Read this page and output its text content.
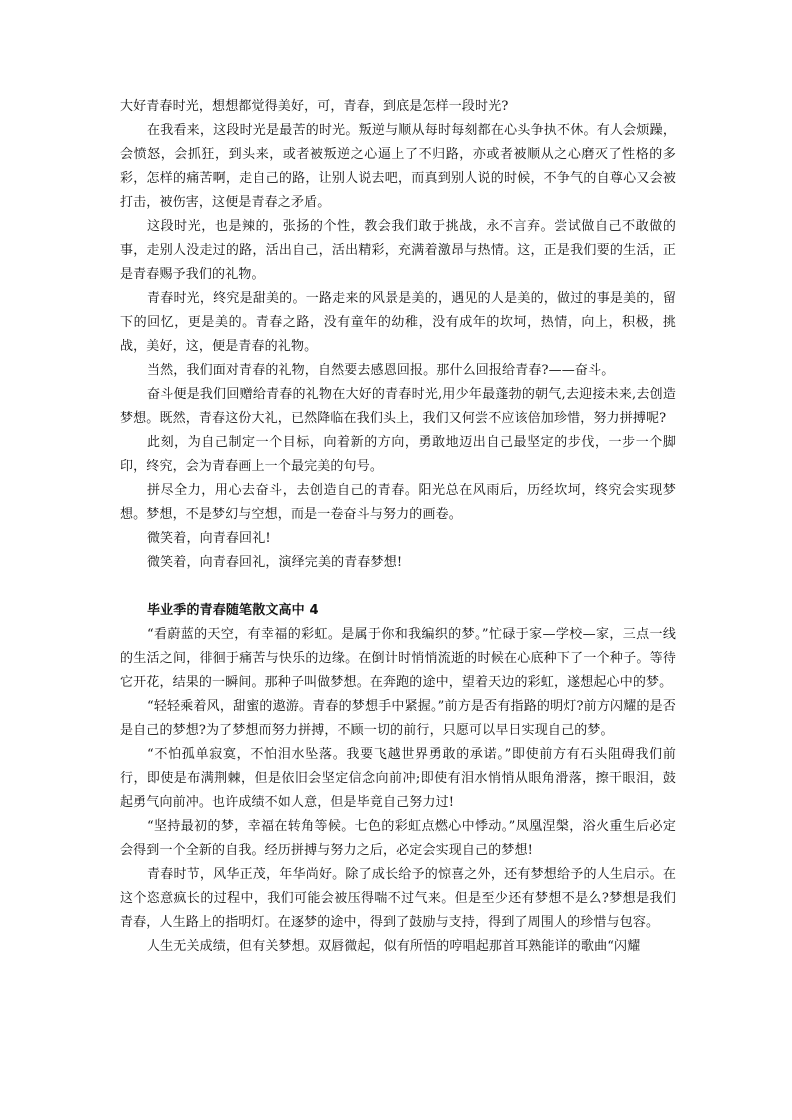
大好青春时光，想想都觉得美好，可，青春，到底是怎样一段时光?

在我看来，这段时光是最苦的时光。叛逆与顺从每时每刻都在心头争执不休。有人会烦躁，会愤怒，会抓狂，到头来，或者被叛逆之心逼上了不归路，亦或者被顺从之心磨灭了性格的多彩，怎样的痛苦啊，走自己的路，让别人说去吧，而真到别人说的时候，不争气的自尊心又会被打击，被伤害，这便是青春之矛盾。

这段时光，也是辣的，张扬的个性，教会我们敢于挑战，永不言弃。尝试做自己不敢做的事，走别人没走过的路，活出自己，活出精彩，充满着激昂与热情。这，正是我们要的生活，正是青春赐予我们的礼物。

青春时光，终究是甜美的。一路走来的风景是美的，遇见的人是美的，做过的事是美的，留下的回忆，更是美的。青春之路，没有童年的幼稚，没有成年的坎坷，热情，向上，积极，挑战，美好，这，便是青春的礼物。

当然，我们面对青春的礼物，自然要去感恩回报。那什么回报给青春?——奋斗。

奋斗便是我们回赠给青春的礼物在大好的青春时光,用少年最蓬勃的朝气,去迎接未来,去创造梦想。既然，青春这份大礼，已然降临在我们头上，我们又何尝不应该倍加珍惜，努力拼搏呢?

此刻，为自己制定一个目标，向着新的方向，勇敢地迈出自己最坚定的步伐，一步一个脚印，终究，会为青春画上一个最完美的句号。

拼尽全力，用心去奋斗，去创造自己的青春。阳光总在风雨后，历经坎坷，终究会实现梦想。梦想，不是梦幻与空想，而是一卷奋斗与努力的画卷。

微笑着，向青春回礼!

微笑着，向青春回礼，演绎完美的青春梦想!

毕业季的青春随笔散文高中 4

“看蔚蓝的天空，有幸福的彩虹。是属于你和我编织的梦。”忙碌于家—学校—家，三点一线的生活之间，徘徊于痛苦与快乐的边缘。在倒计时悄悄流逝的时候在心底种下了一个种子。等待它开花，结果的一瞬间。那种子叫做梦想。在奔跑的途中，望着天边的彩虹，遂想起心中的梦。

“轻轻乘着风，甜蜜的遨游。青春的梦想手中紧握。”前方是否有指路的明灯?前方闪耀的是否是自己的梦想?为了梦想而努力拼搏，不顾一切的前行，只愿可以早日实现自己的梦。

“不怕孤单寂寞，不怕泪水坠落。我要飞越世界勇敢的承诺。”即使前方有石头阻碍我们前行，即使是布满荆棘，但是依旧会坚定信念向前冲;即使有泪水悄悄从眼角滑落，擦干眼泪，鼓起勇气向前冲。也许成绩不如人意，但是毕竟自己努力过!

“坚持最初的梦，幸福在转角等候。七色的彩虹点燃心中悸动。”凤凰涅槃，浴火重生后必定会得到一个全新的自我。经历拼搏与努力之后，必定会实现自己的梦想!

青春时节，风华正茂，年华尚好。除了成长给予的惊喜之外，还有梦想给予的人生启示。在这个恣意疯长的过程中，我们可能会被压得喘不过气来。但是至少还有梦想不是么?梦想是我们青春，人生路上的指明灯。在逐梦的途中，得到了鼓励与支持，得到了周围人的珍惜与包容。

人生无关成绩，但有关梦想。双唇微起，似有所悟的哼唱起那首耳熟能详的歌曲“闪耀
